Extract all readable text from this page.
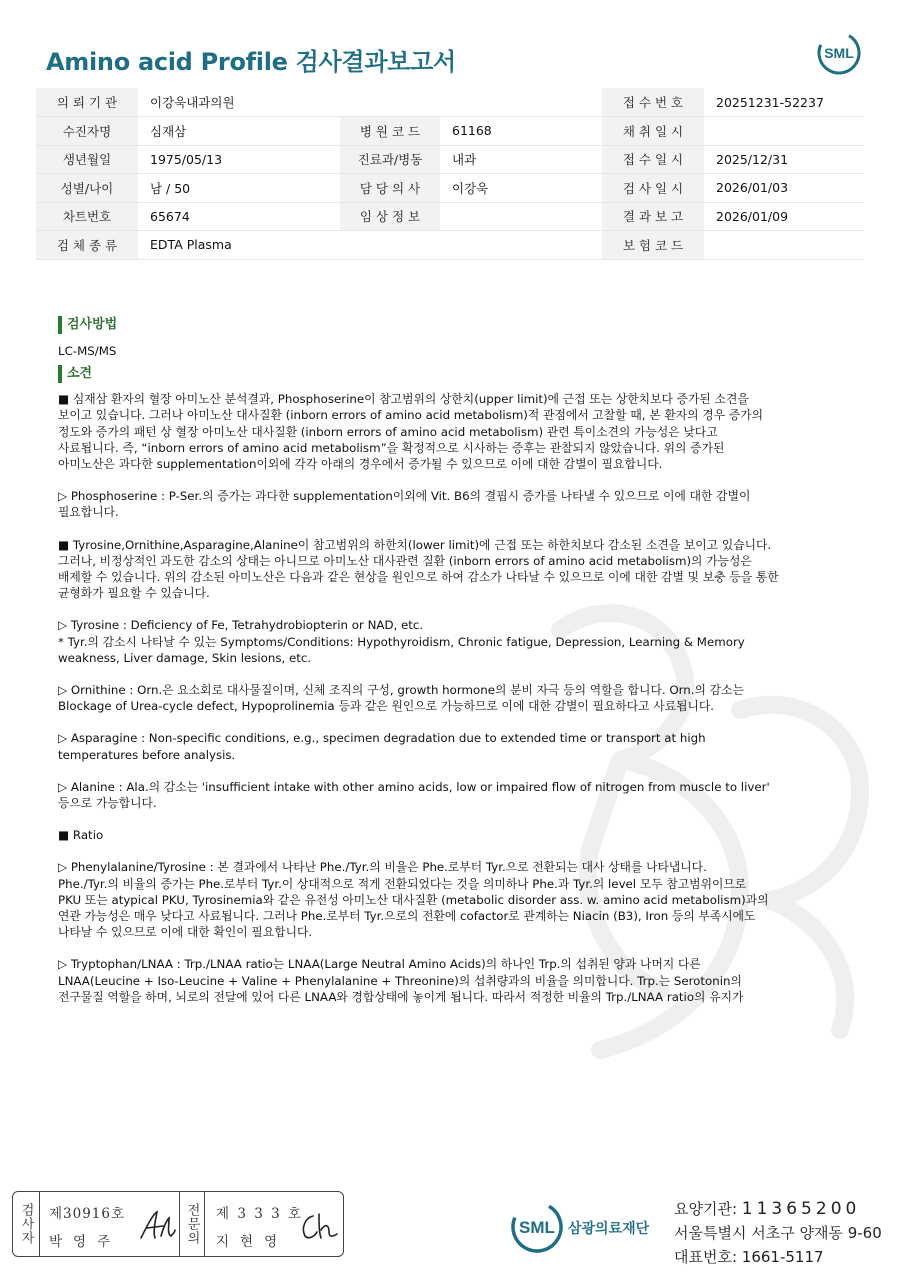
Amino acid Profile 검사결과보고서	SML
의 뢰 기 관	이강욱내과의원			접 수 번 호	20251231-52237
수진자명	심재삼	병 원 코 드	61168	채 취 일 시	
생년월일	1975/05/13	진료과/병동	내과	접 수 일 시	2025/12/31
성별/나이	남 / 50	담 당 의 사	이강욱	검 사 일 시	2026/01/03
차트번호	65674	임 상 정 보		결 과 보 고	2026/01/09
검 체 종 류	EDTA Plasma			보 험 코 드	
검사방법
LC-MS/MS
소견
■ 심재삼 환자의 혈장 아미노산 분석결과, Phosphoserine이 참고범위의 상한치(upper limit)에 근접 또는 상한치보다 증가된 소견을
보이고 있습니다. 그러나 아미노산 대사질환 (inborn errors of amino acid metabolism)적 관점에서 고찰할 때, 본 환자의 경우 증가의
정도와 증가의 패턴 상 혈장 아미노산 대사질환 (inborn errors of amino acid metabolism) 관련 특이소견의 가능성은 낮다고
사료됩니다. 즉, “inborn errors of amino acid metabolism”을 확정적으로 시사하는 증후는 관찰되지 않았습니다. 위의 증가된
아미노산은 과다한 supplementation이외에 각각 아래의 경우에서 증가될 수 있으므로 이에 대한 감별이 필요합니다.
▷ Phosphoserine : P-Ser.의 증가는 과다한 supplementation이외에 Vit. B6의 결핍시 증가를 나타낼 수 있으므로 이에 대한 감별이
필요합니다.
■ Tyrosine,Ornithine,Asparagine,Alanine이 참고범위의 하한치(lower limit)에 근접 또는 하한치보다 감소된 소견을 보이고 있습니다.
그러나, 비정상적인 과도한 감소의 상태는 아니므로 아미노산 대사관련 질환 (inborn errors of amino acid metabolism)의 가능성은
배제할 수 있습니다. 위의 감소된 아미노산은 다음과 같은 현상을 원인으로 하여 감소가 나타날 수 있으므로 이에 대한 감별 및 보충 등을 통한
균형화가 필요할 수 있습니다.
▷ Tyrosine : Deficiency of Fe, Tetrahydrobiopterin or NAD, etc.
* Tyr.의 감소시 나타날 수 있는 Symptoms/Conditions: Hypothyroidism, Chronic fatigue, Depression, Learning & Memory
weakness, Liver damage, Skin lesions, etc.
▷ Ornithine : Orn.은 요소회로 대사물질이며, 신체 조직의 구성, growth hormone의 분비 자극 등의 역할을 합니다. Orn.의 감소는
Blockage of Urea-cycle defect, Hypoprolinemia 등과 같은 원인으로 가능하므로 이에 대한 감별이 필요하다고 사료됩니다.
▷ Asparagine : Non-specific conditions, e.g., specimen degradation due to extended time or transport at high
temperatures before analysis.
▷ Alanine : Ala.의 감소는 'insufficient intake with other amino acids, low or impaired flow of nitrogen from muscle to liver'
등으로 가능합니다.
■ Ratio
▷ Phenylalanine/Tyrosine : 본 결과에서 나타난 Phe./Tyr.의 비율은 Phe.로부터 Tyr.으로 전환되는 대사 상태를 나타냅니다.
Phe./Tyr.의 비율의 증가는 Phe.로부터 Tyr.이 상대적으로 적게 전환되었다는 것을 의미하나 Phe.과 Tyr.의 level 모두 참고범위이므로
PKU 또는 atypical PKU, Tyrosinemia와 같은 유전성 아미노산 대사질환 (metabolic disorder ass. w. amino acid metabolism)과의
연관 가능성은 매우 낮다고 사료됩니다. 그러나 Phe.로부터 Tyr.으로의 전환에 cofactor로 관계하는 Niacin (B3), Iron 등의 부족시에도
나타날 수 있으므로 이에 대한 확인이 필요합니다.
▷ Tryptophan/LNAA : Trp./LNAA ratio는 LNAA(Large Neutral Amino Acids)의 하나인 Trp.의 섭취된 양과 나머지 다른
LNAA(Leucine + Iso-Leucine + Valine + Phenylalanine + Threonine)의 섭취량과의 비율을 의미합니다. Trp.는 Serotonin의
전구물질 역할을 하며, 뇌로의 전달에 있어 다른 LNAA와 경합상태에 놓이게 됩니다. 따라서 적정한 비율의 Trp./LNAA ratio의 유지가
검사자	제30916호
박영주	전문의	제 3 3 3 호
지현영
SML 삼광의료재단
요양기관: 11365200
서울특별시 서초구 양재동 9-60
대표번호: 1661-5117
